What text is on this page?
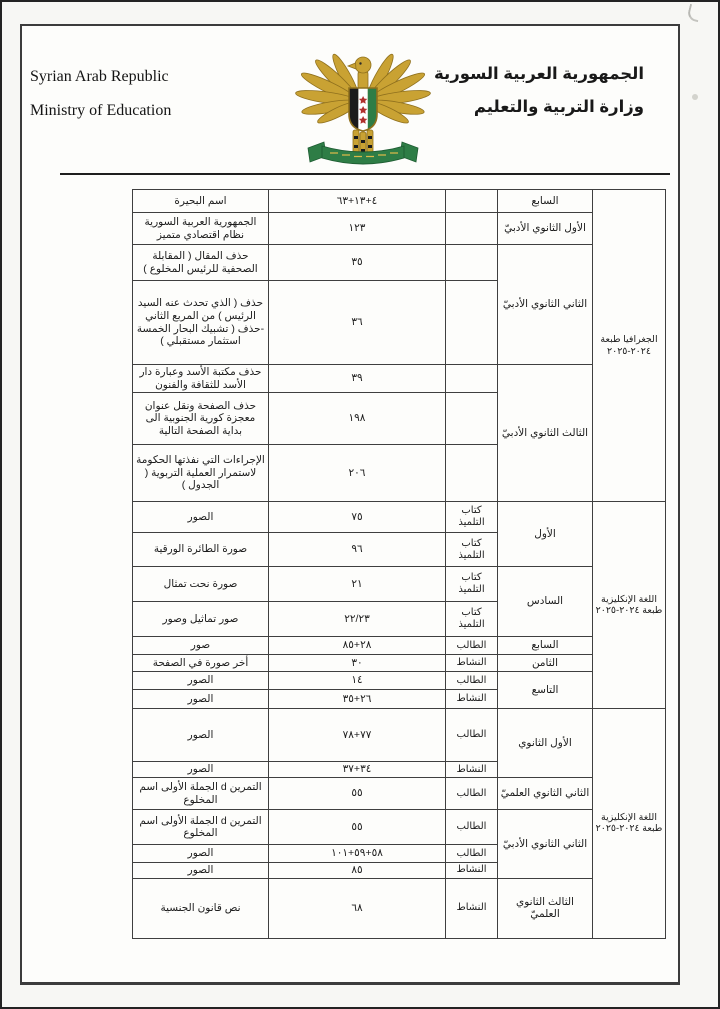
Syrian Arab Republic
Ministry of Education
الجمهورية العربية السورية
وزارة التربية والتعليم
الجغرافيا طبعة ٢٠٢٤-٢٠٢٥	السابع		٤+١٣+٦٣	اسم البحيرة
	الأول الثانوي الأدبيّ		١٢٣	الجمهورية العربية السورية نظام اقتصادي متميز
	الثاني الثانوي الأدبيّ		٣٥	حذف المقال ( المقابلة الصحفية للرئيس المخلوع )
			٣٦	حذف ( الذي تحدث عنه السيد الرئيس ) من المربع الثاني -حذف ( تشبيك البحار الخمسة استثمار مستقبلي )
	الثالث الثانوي الأدبيّ		٣٩	حذف مكتبة الأسد وعبارة دار الأسد للثقافة والفنون
			١٩٨	حذف الصفحة ونقل عنوان معجزة كورية الجنوبية الى بداية الصفحة التالية
			٢٠٦	الإجراءات التي نفذتها الحكومة لاستمرار العملية التربوية ( الجدول )
اللغة الإنكليزية طبعة ٢٠٢٤-٢٠٢٥	الأول	كتاب التلميذ	٧٥	الصور
		كتاب التلميذ	٩٦	صورة الطائرة الورقية
	السادس	كتاب التلميذ	٢١	صورة نحت تمثال
		كتاب التلميذ	٢٢/٢٣	صور تماثيل وصور
	السابع	الطالب	٢٨+٨٥	صور
	الثامن	النشاط	٣٠	أخر صورة في الصفحة
	التاسع	الطالب	١٤	الصور
		النشاط	٢٦+٣٥	الصور
اللغة الإنكليزية طبعة ٢٠٢٤-٢٠٢٥	الأول الثانوي	الطالب	٧٧+٧٨	الصور
		النشاط	٣٤+٣٧	الصور
	الثاني الثانوي العلميّ	الطالب	٥٥	التمرين d الجملة الأولى اسم المخلوع
	الثاني الثانوي الأدبيّ	الطالب	٥٥	التمرين d الجملة الأولى اسم المخلوع
		الطالب	٥٨+٥٩+١٠١	الصور
		النشاط	٨٥	الصور
	الثالث الثانوي العلميّ	النشاط	٦٨	نص قانون الجنسية
